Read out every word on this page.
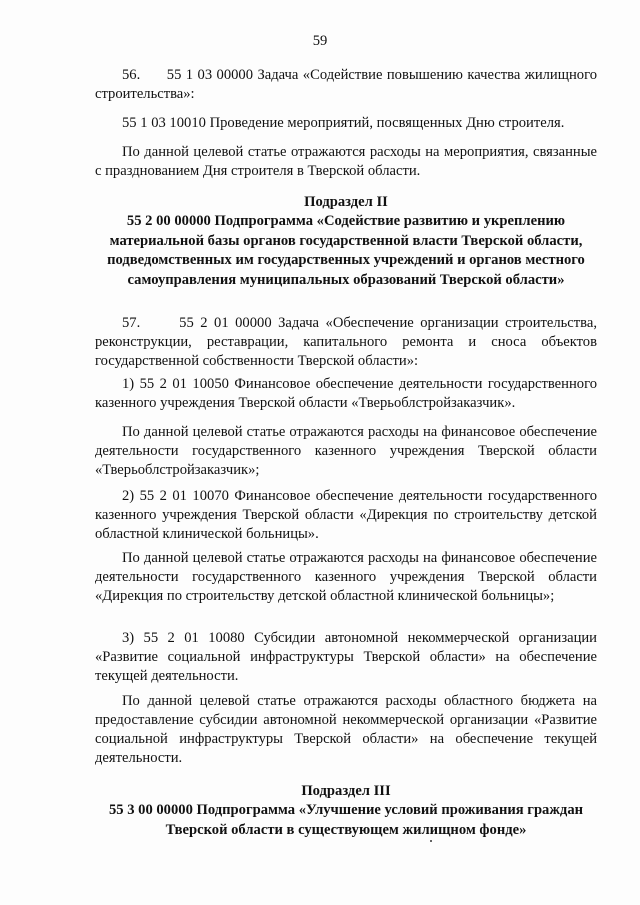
59
56.      55 1 03 00000 Задача «Содействие повышению качества жилищного строительства»:
55 1 03 10010 Проведение мероприятий, посвященных Дню строителя.
По данной целевой статье отражаются расходы на мероприятия, связанные с празднованием Дня строителя в Тверской области.
Подраздел II
55 2 00 00000 Подпрограмма «Содействие развитию и укреплению материальной базы органов государственной власти Тверской области, подведомственных им государственных учреждений и органов местного самоуправления муниципальных образований Тверской области»
57.      55 2 01 00000 Задача «Обеспечение организации строительства, реконструкции, реставрации, капитального ремонта и сноса объектов государственной собственности Тверской области»:
1) 55 2 01 10050 Финансовое обеспечение деятельности государственного казенного учреждения Тверской области «Тверьоблстройзаказчик».
По данной целевой статье отражаются расходы на финансовое обеспечение деятельности государственного казенного учреждения Тверской области «Тверьоблстройзаказчик»;
2) 55 2 01 10070 Финансовое обеспечение деятельности государственного казенного учреждения Тверской области «Дирекция по строительству детской областной клинической больницы».
По данной целевой статье отражаются расходы на финансовое обеспечение деятельности государственного казенного учреждения Тверской области «Дирекция по строительству детской областной клинической больницы»;
3) 55 2 01 10080 Субсидии автономной некоммерческой организации «Развитие социальной инфраструктуры Тверской области» на обеспечение текущей деятельности.
По данной целевой статье отражаются расходы областного бюджета на предоставление субсидии автономной некоммерческой организации «Развитие социальной инфраструктуры Тверской области» на обеспечение текущей деятельности.
Подраздел III
55 3 00 00000 Подпрограмма «Улучшение условий проживания граждан Тверской области в существующем жилищном фонде»
